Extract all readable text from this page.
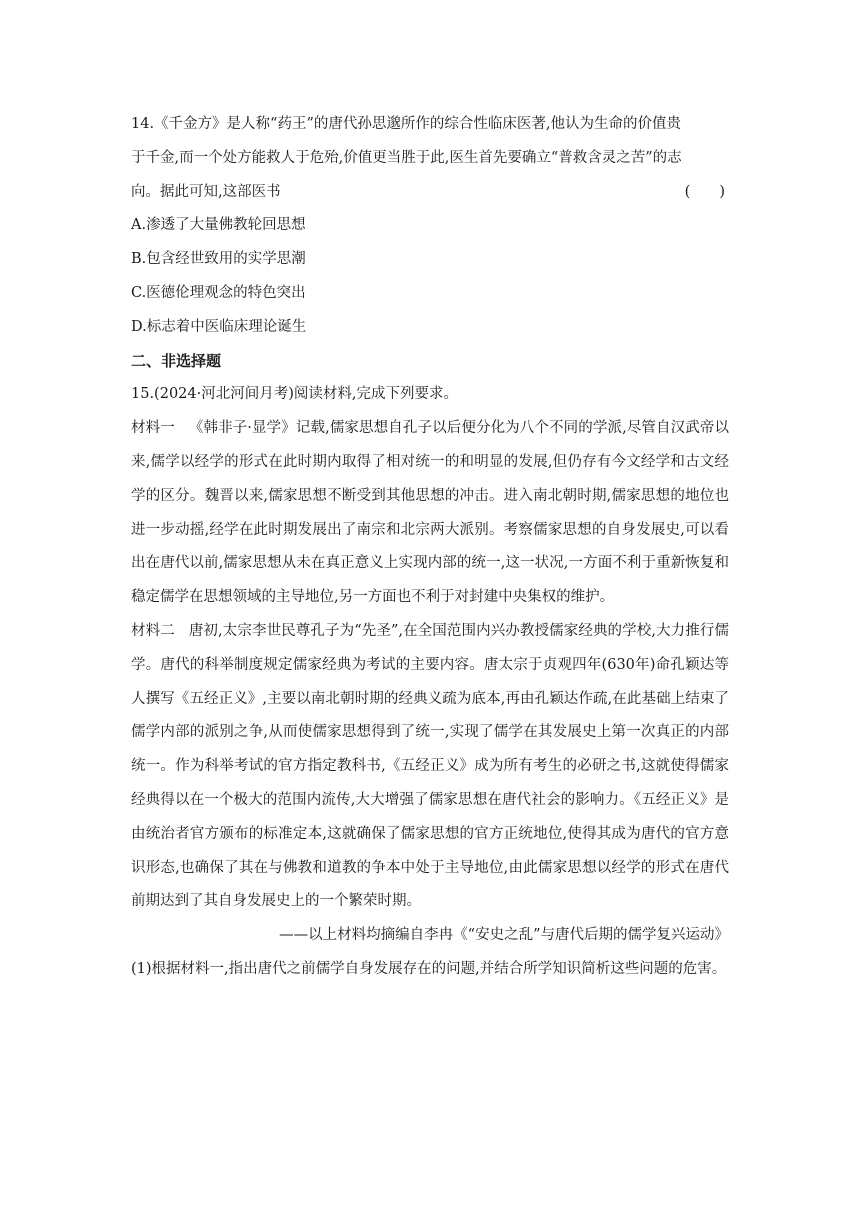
14.《千金方》是人称“药王”的唐代孙思邈所作的综合性临床医著,他认为生命的价值贵

于千金,而一个处方能救人于危殆,价值更当胜于此,医生首先要确立“普救含灵之苦”的志

向。据此可知,这部医书	(　　)

A.渗透了大量佛教轮回思想

B.包含经世致用的实学思潮

C.医德伦理观念的特色突出

D.标志着中医临床理论诞生

二、非选择题

15.(2024·河北河间月考)阅读材料,完成下列要求。

材料一 《韩非子·显学》记载,儒家思想自孔子以后便分化为八个不同的学派,尽管自汉武帝以来,儒学以经学的形式在此时期内取得了相对统一的和明显的发展,但仍存有今文经学和古文经学的区分。魏晋以来,儒家思想不断受到其他思想的冲击。进入南北朝时期,儒家思想的地位也进一步动摇,经学在此时期发展出了南宗和北宗两大派别。考察儒家思想的自身发展史,可以看出在唐代以前,儒家思想从未在真正意义上实现内部的统一,这一状况,一方面不利于重新恢复和稳定儒学在思想领域的主导地位,另一方面也不利于对封建中央集权的维护。

材料二 唐初,太宗李世民尊孔子为“先圣”,在全国范围内兴办教授儒家经典的学校,大力推行儒学。唐代的科举制度规定儒家经典为考试的主要内容。唐太宗于贞观四年(630年)命孔颖达等人撰写《五经正义》,主要以南北朝时期的经典义疏为底本,再由孔颖达作疏,在此基础上结束了儒学内部的派别之争,从而使儒家思想得到了统一,实现了儒学在其发展史上第一次真正的内部统一。作为科举考试的官方指定教科书,《五经正义》成为所有考生的必研之书,这就使得儒家经典得以在一个极大的范围内流传,大大增强了儒家思想在唐代社会的影响力。《五经正义》是由统治者官方颁布的标准定本,这就确保了儒家思想的官方正统地位,使得其成为唐代的官方意识形态,也确保了其在与佛教和道教的争本中处于主导地位,由此儒家思想以经学的形式在唐代前期达到了其自身发展史上的一个繁荣时期。

——以上材料均摘编自李冉《“安史之乱”与唐代后期的儒学复兴运动》

(1)根据材料一,指出唐代之前儒学自身发展存在的问题,并结合所学知识简析这些问题的危害。
